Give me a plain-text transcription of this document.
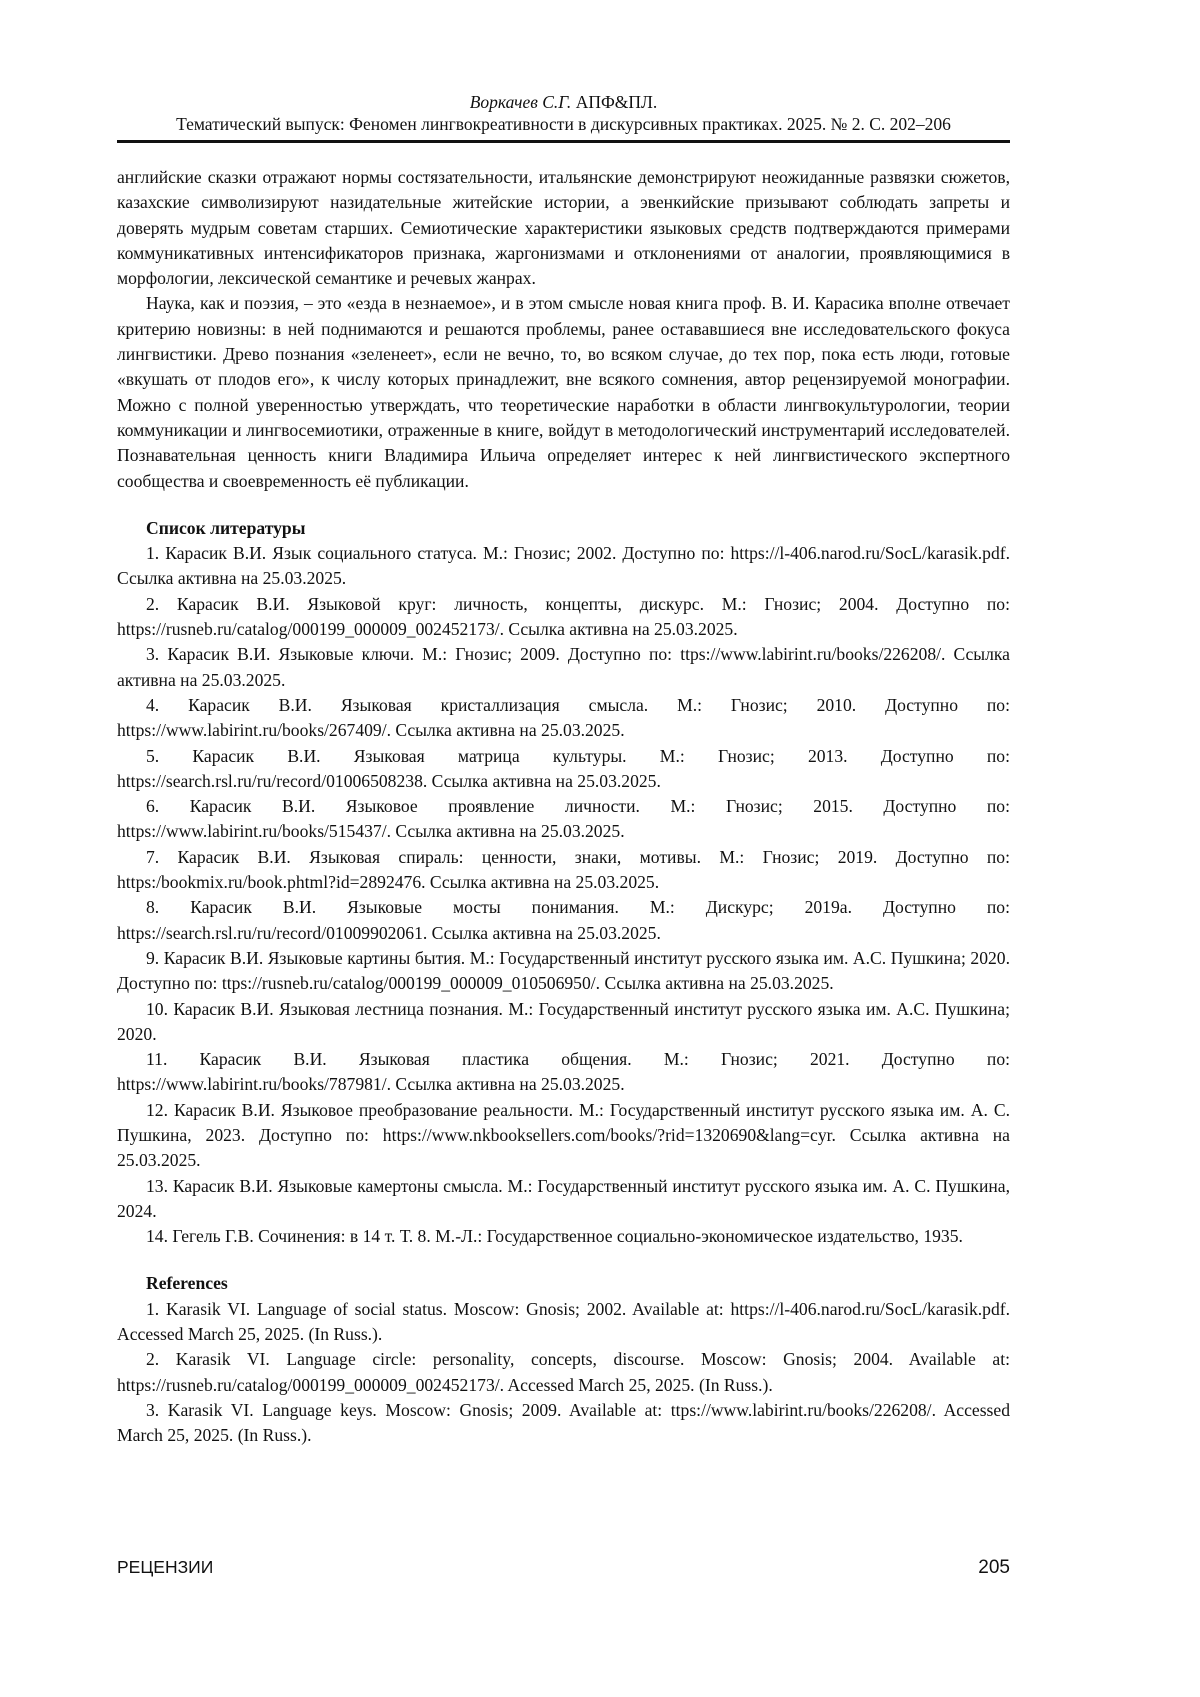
Воркачев С.Г. АПФ&ПЛ.
Тематический выпуск: Феномен лингвокреативности в дискурсивных практиках. 2025. № 2. С. 202–206

английские сказки отражают нормы состязательности, итальянские демонстрируют неожиданные развязки сюжетов, казахские символизируют назидательные житейские истории, а эвенкийские призывают соблюдать запреты и доверять мудрым советам старших. Семиотические характеристики языковых средств подтверждаются примерами коммуникативных интенсификаторов признака, жаргонизмами и отклонениями от аналогии, проявляющимися в морфологии, лексической семантике и речевых жанрах.

Наука, как и поэзия, – это «езда в незнаемое», и в этом смысле новая книга проф. В. И. Карасика вполне отвечает критерию новизны: в ней поднимаются и решаются проблемы, ранее остававшиеся вне исследовательского фокуса лингвистики. Древо познания «зеленеет», если не вечно, то, во всяком случае, до тех пор, пока есть люди, готовые «вкушать от плодов его», к числу которых принадлежит, вне всякого сомнения, автор рецензируемой монографии. Можно с полной уверенностью утверждать, что теоретические наработки в области лингвокультурологии, теории коммуникации и лингвосемиотики, отраженные в книге, войдут в методологический инструментарий исследователей. Познавательная ценность книги Владимира Ильича определяет интерес к ней лингвистического экспертного сообщества и своевременность её публикации.

Список литературы

1. Карасик В.И. Язык социального статуса. М.: Гнозис; 2002. Доступно по: https://l-406.narod.ru/SocL/karasik.pdf. Ссылка активна на 25.03.2025.

2. Карасик В.И. Языковой круг: личность, концепты, дискурс. М.: Гнозис; 2004. Доступно по: https://rusneb.ru/catalog/000199_000009_002452173/. Ссылка активна на 25.03.2025.

3. Карасик В.И. Языковые ключи. М.: Гнозис; 2009. Доступно по: ttps://www.labirint.ru/books/226208/. Ссылка активна на 25.03.2025.

4. Карасик В.И. Языковая кристаллизация смысла. М.: Гнозис; 2010. Доступно по: https://www.labirint.ru/books/267409/. Ссылка активна на 25.03.2025.

5. Карасик В.И. Языковая матрица культуры. М.: Гнозис; 2013. Доступно по: https://search.rsl.ru/ru/record/01006508238. Ссылка активна на 25.03.2025.

6. Карасик В.И. Языковое проявление личности. М.: Гнозис; 2015. Доступно по: https://www.labirint.ru/books/515437/. Ссылка активна на 25.03.2025.

7. Карасик В.И. Языковая спираль: ценности, знаки, мотивы. М.: Гнозис; 2019. Доступно по: https:/bookmix.ru/book.phtml?id=2892476. Ссылка активна на 25.03.2025.

8. Карасик В.И. Языковые мосты понимания. М.: Дискурс; 2019a. Доступно по: https://search.rsl.ru/ru/record/01009902061. Ссылка активна на 25.03.2025.

9. Карасик В.И. Языковые картины бытия. М.: Государственный институт русского языка им. А.С. Пушкина; 2020. Доступно по: ttps://rusneb.ru/catalog/000199_000009_010506950/. Ссылка активна на 25.03.2025.

10. Карасик В.И. Языковая лестница познания. М.: Государственный институт русского языка им. А.С. Пушкина; 2020.

11. Карасик В.И. Языковая пластика общения. М.: Гнозис; 2021. Доступно по: https://www.labirint.ru/books/787981/. Ссылка активна на 25.03.2025.

12. Карасик В.И. Языковое преобразование реальности. М.: Государственный институт русского языка им. А. С. Пушкина, 2023. Доступно по: https://www.nkbooksellers.com/books/?rid=1320690&lang=cyr. Ссылка активна на 25.03.2025.

13. Карасик В.И. Языковые камертоны смысла. М.: Государственный институт русского языка им. А. С. Пушкина, 2024.

14. Гегель Г.В. Сочинения: в 14 т. Т. 8. М.-Л.: Государственное социально-экономическое издательство, 1935.

References

1. Karasik VI. Language of social status. Moscow: Gnosis; 2002. Available at: https://l-406.narod.ru/SocL/karasik.pdf. Accessed March 25, 2025. (In Russ.).

2. Karasik VI. Language circle: personality, concepts, discourse. Moscow: Gnosis; 2004. Available at: https://rusneb.ru/catalog/000199_000009_002452173/. Accessed March 25, 2025. (In Russ.).

3. Karasik VI. Language keys. Moscow: Gnosis; 2009. Available at: ttps://www.labirint.ru/books/226208/. Accessed March 25, 2025. (In Russ.).

РЕЦЕНЗИИ	205
